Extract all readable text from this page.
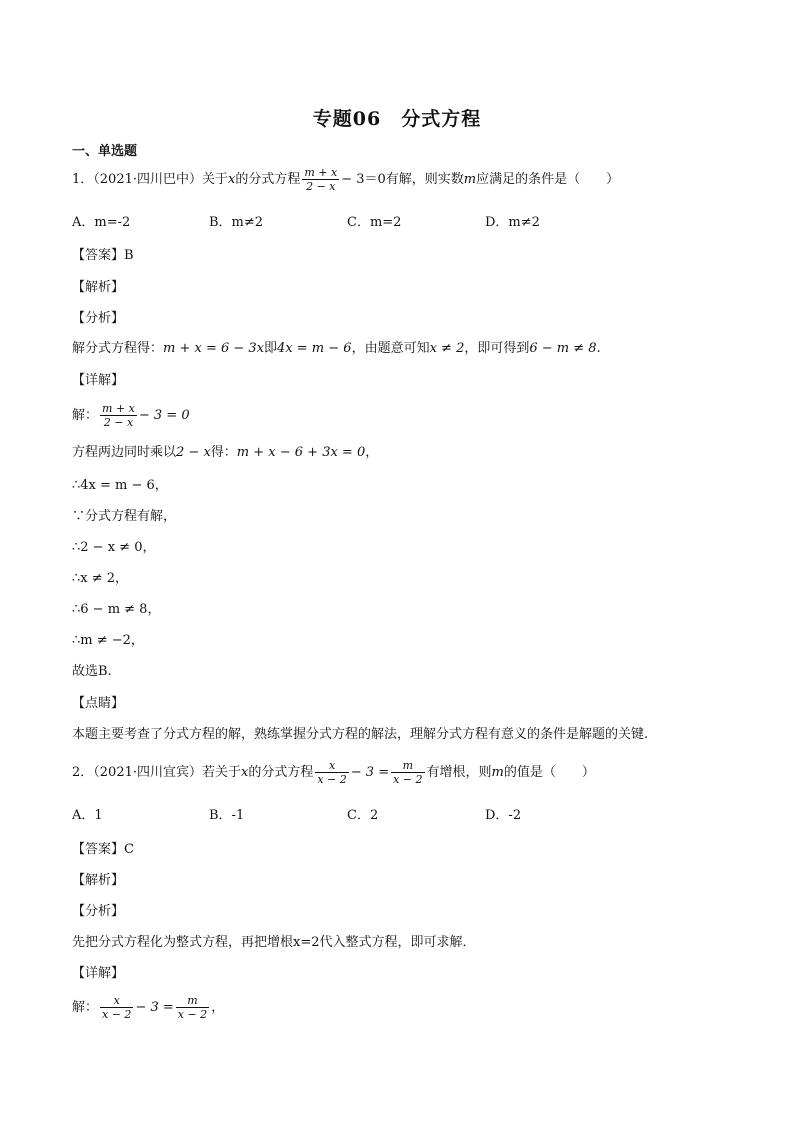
专题06　分式方程
一、单选题
1．（2021·四川巴中）关于x的分式方程 $\frac{m + x}{2 - x} - 3=0$有解，则实数m应满足的条件是（　　）
A．m=-2	B．m≠2	C．m=2	D．m≠2
【答案】B
【解析】
【分析】
解分式方程得：m + x = 6 − 3x即4x = m − 6，由题意可知x ≠ 2，即可得到6 − m ≠ 8.
【详解】
解： $\frac{m + x}{2 - x} - 3 = 0$
方程两边同时乘以2 − x得：m + x − 6 + 3x = 0，
∴4x = m − 6，
∵分式方程有解，
∴2 − x ≠ 0，
∴x ≠ 2，
∴6 − m ≠ 8，
∴m ≠ −2，
故选B.
【点睛】
本题主要考查了分式方程的解，熟练掌握分式方程的解法，理解分式方程有意义的条件是解题的关键.
2．（2021·四川宜宾）若关于x的分式方程 $\frac{x}{x - 2} - 3 = \frac{m}{x - 2}$ 有增根，则m的值是（　　）
A．1	B．-1	C．2	D．-2
【答案】C
【解析】
【分析】
先把分式方程化为整式方程，再把增根x=2代入整式方程，即可求解．
【详解】
解： $\frac{x}{x - 2} - 3 = \frac{m}{x - 2}$ ，
